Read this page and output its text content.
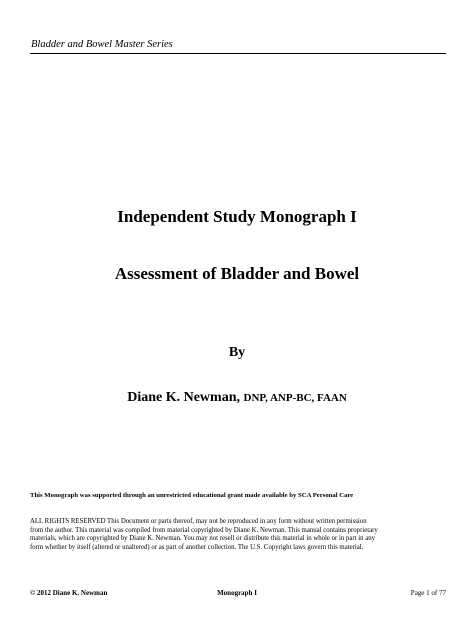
Bladder and Bowel Master Series
Independent Study Monograph I
Assessment of Bladder and Bowel
By
Diane K. Newman, DNP, ANP-BC, FAAN
This Monograph was supported through an unrestricted educational grant made available by SCA Personal Care
ALL RIGHTS RESERVED This Document or parts thereof, may not be reproduced in any form without written permission
from the author. This material was compiled from material copyrighted by Diane K. Newman. This manual contains proprietary
materials, which are copyrighted by Diane K. Newman. You may not resell or distribute this material in whole or in part in any
form whether by itself (altered or unaltered) or as part of another collection. The U.S. Copyright laws govern this material.
© 2012 Diane K. Newman	Monograph I	Page 1 of 77
